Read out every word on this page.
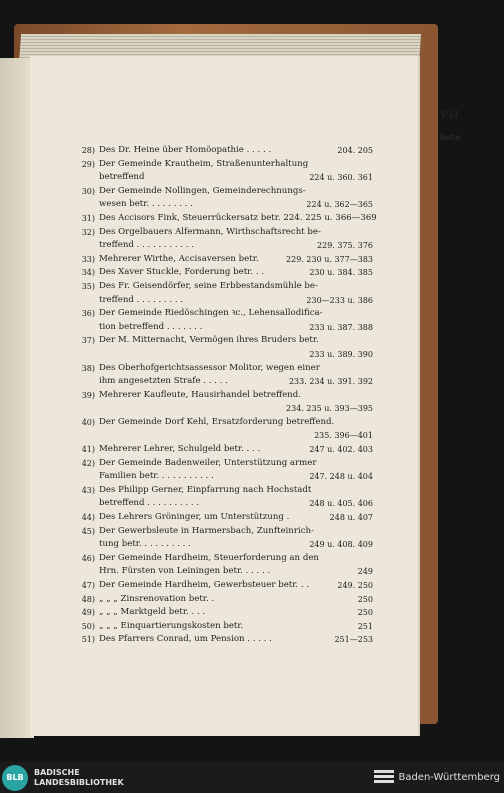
VII
Seite
28) Des Dr. Heine über Homöopathie . . . . .	204. 205
29) Der Gemeinde Krautheim, Straßenunterhaltung
betreffend	224 u. 360. 361
30) Der Gemeinde Nollingen, Gemeinderechnungs-
wesen betr. . . . . . . . .	224 u. 362—365
31) Des Accisors Fink, Steuerrückersatz betr. 224. 225 u. 366—369
32) Des Orgelbauers Alfermann, Wirthschaftsrecht be-
treffend . . . . . . . . . . .	229. 375. 376
33) Mehrerer Wirthe, Accisaversen betr.	229. 230 u. 377—383
34) Des Xaver Stuckle, Forderung betr. . .	230 u. 384. 385
35) Des Fr. Geisendörfer, seine Erbbestandsmühle be-
treffend . . . . . . . . .	230—233 u. 386
36) Der Gemeinde Riedöschingen ꝛc., Lehensallodifica-
tion betreffend . . . . . . .	233 u. 387. 388
37) Der M. Mitternacht, Vermögen ihres Bruders betr.
233 u. 389. 390
38) Des Oberhofgerichtsassessor Molitor, wegen einer
ihm angesetzten Strafe . . . . .	233. 234 u. 391. 392
39) Mehrerer Kaufleute, Hausirhandel betreffend.
234. 235 u. 393—395
40) Der Gemeinde Dorf Kehl, Ersatzforderung betreffend.
235. 396—401
41) Mehrerer Lehrer, Schulgeld betr. . . .	247 u. 402. 403
42) Der Gemeinde Badenweiler, Unterstützung armer
Familien betr. . . . . . . . . . .	247. 248 u. 404
43) Des Philipp Gerner, Einpfarrung nach Hochstadt
betreffend . . . . . . . . . .	248 u. 405. 406
44) Des Lehrers Gröninger, um Unterstützung .	248 u. 407
45) Der Gewerbsleute in Harmersbach, Zunfteinrich-
tung betr. . . . . . . . . .	249 u. 408. 409
46) Der Gemeinde Hardheim, Steuerforderung an den
Hrn. Fürsten von Leiningen betr. . . . . .	249
47) Der Gemeinde Hardheim, Gewerbsteuer betr. . .	249. 250
48) „ „ „ Zinsrenovation betr. .	250
49) „ „ „ Marktgeld betr. . . .	250
50) „ „ „ Einquartierungskosten betr.	251
51) Des Pfarrers Conrad, um Pension . . . . .	251—253
BLB
BADISCHE
LANDESBIBLIOTHEK	Baden-Württemberg
